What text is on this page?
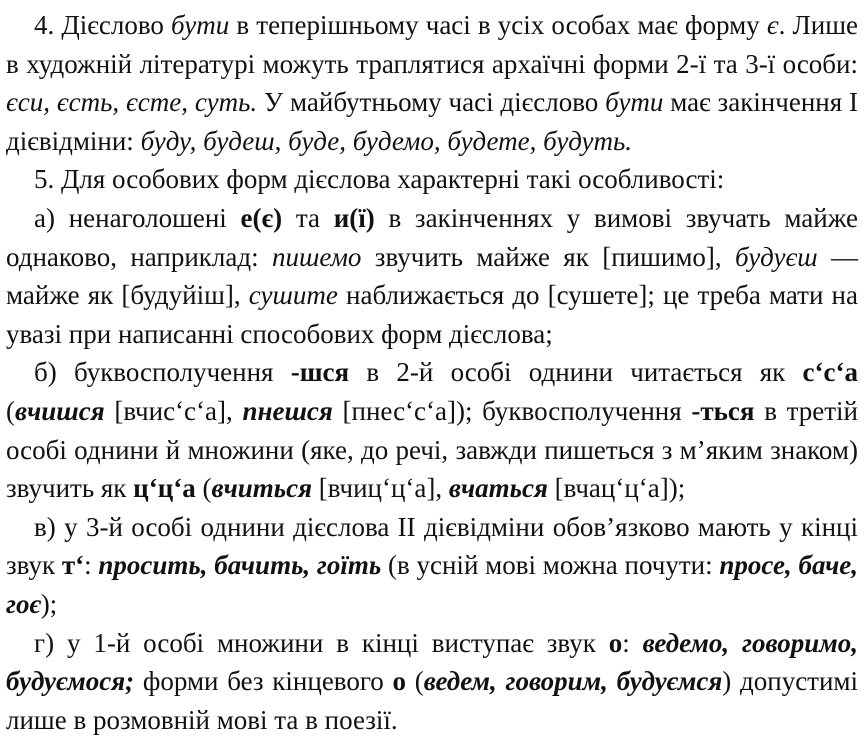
4. Дієслово бути в теперішньому часі в усіх особах має форму є. Лише в художній літературі можуть траплятися архаїчні форми 2-ї та 3-ї особи: єси, єсть, єсте, суть. У майбутньому часі дієслово бути має закінчення І дієвідміни: буду, будеш, буде, будемо, будете, будуть.

5. Для особових форм дієслова характерні такі особливості:

а) ненаголошені е(є) та и(ї) в закінченнях у вимові звучать майже однаково, наприклад: пишемо звучить майже як [пишимо], будуєш — майже як [будуйіш], сушите наближається до [сушете]; це треба мати на увазі при написанні способових форм дієслова;

б) буквосполучення -шся в 2-й особі однини читається як с‘с‘а (вчишся [вчис‘с‘а], пнешся [пнес‘с‘а]); буквосполучення -ться в третій особі однини й множини (яке, до речі, завжди пишеться з м’яким знаком) звучить як ц‘ц‘а (вчиться [вчиц‘ц‘а], вчаться [вчац‘ц‘а]);

в) у 3-й особі однини дієслова ІІ дієвідміни обов’язково мають у кінці звук т‘: просить, бачить, гоїть (в усній мові можна почути: просе, баче, гоє);

г) у 1-й особі множини в кінці виступає звук о: ведемо, говоримо, будуємося; форми без кінцевого о (ведем, говорим, будуємся) допустимі лише в розмовній мові та в поезії.
